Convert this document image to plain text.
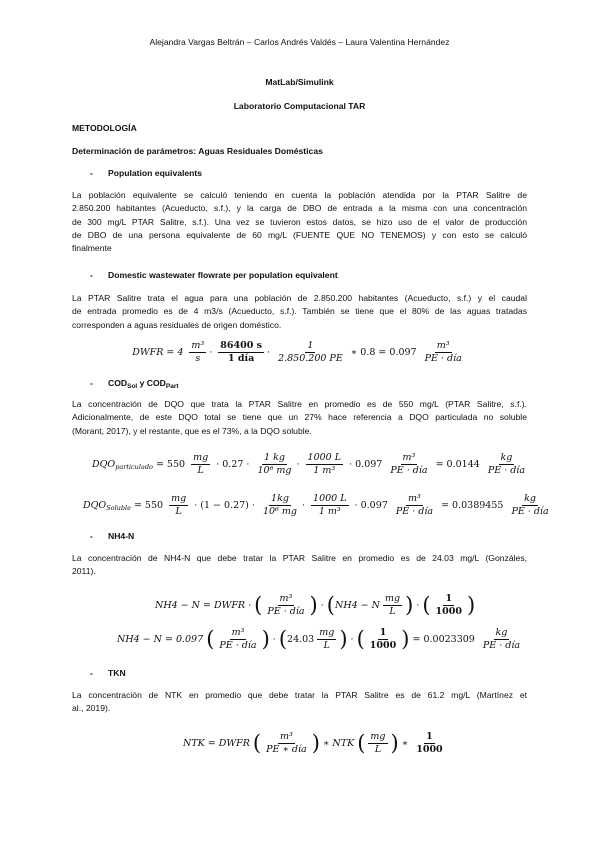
Alejandra Vargas Beltrán – Carlos Andrés Valdés – Laura Valentina Hernández
MatLab/Simulink
Laboratorio Computacional TAR
METODOLOGÍA
Determinación de parámetros: Aguas Residuales Domésticas
- Population equivalents
La población equivalente se calculó teniendo en cuenta la población atendida por la PTAR Salitre de
2.850.200 habitantes (Acueducto, s.f.), y la carga de DBO de entrada a la misma con una concentración
de 300 mg/L PTAR Salitre, s.f.). Una vez se tuvieron estos datos, se hizo uso de el valor de producción
de DBO de una persona equivalente de 60 mg/L (FUENTE QUE NO TENEMOS) y con esto se calculó
finalmente
- Domestic wastewater flowrate per population equivalent
La PTAR Salitre trata el agua para una población de 2.850.200 habitantes (Acueducto, s.f.) y el caudal
de entrada promedio es de 4 m3/s (Acueducto, s.f.). También se tiene que el 80% de las aguas tratadas
corresponden a aguas residuales de origen doméstico.
DWFR = $4 \frac{\text{m³}}{s} \cdot \frac{86400 s}{\text{1 día}} \cdot \frac{1}{2.850.200 PE}$ ∗ $0.8 = 0.097 \frac{\text{m³}}{\text{PE · día}}$
- $COD_{Sol}$ y $COD_{Part}$
La concentración de DQO que trata la PTAR Salitre en promedio es de 550 mg/L (PTAR Salitre, s.f.).
Adicionalmente, de este DQO total se tiene que un 27% hace referencia a DQO particulada no soluble
(Morant, 2017), y el restante, que es el 73%, a la DQO soluble.
$DQO_{particulado} = 550 \frac{mg}{L} \cdot 0.27 \cdot \frac{1 kg}{\text{10⁶ mg}} \cdot \frac{1000 L}{\text{1 m³}} \cdot 0.097 \frac{\text{m³}}{\text{PE · día}} = 0.0144 \frac{kg}{\text{PE · día}}$
$DQO_{Soluble} = 550 \frac{mg}{L} \cdot (1 - 0.27) \cdot \frac{1kg}{\text{10⁶ mg}} \cdot \frac{1000 L}{\text{1 m³}} \cdot 0.097 \frac{\text{m³}}{\text{PE · día}} = 0.0389455 \frac{kg}{\text{PE · día}}$
- NH4-N
La concentración de NH4-N que debe tratar la PTAR Salitre en promedio es de 24.03 mg/L (Gonzáles,
2011).
NH4 − N = DWFR · ( $\frac{\text{m³}}{\text{PE · día}}$ ) · (NH4 − N $\frac{mg}{L}$ ) · ( $\frac{1}{1000}$ )
NH4 − N = 0.097 ( $\frac{\text{m³}}{\text{PE · día}}$ ) · ($24.03 \frac{mg}{L}$ ) · ( $\frac{1}{1000}$ ) = $0.0023309 \frac{kg}{\text{PE · día}}$
- TKN
La concentración de NTK en promedio que debe tratar la PTAR Salitre es de 61.2 mg/L (Martínez et
al., 2019).
NTK = DWFR ( $\frac{\text{m³}}{\text{PE ∗ día}}$ ) ∗ NTK ( $\frac{mg}{L}$ ) ∗ $\frac{1}{1000}$
